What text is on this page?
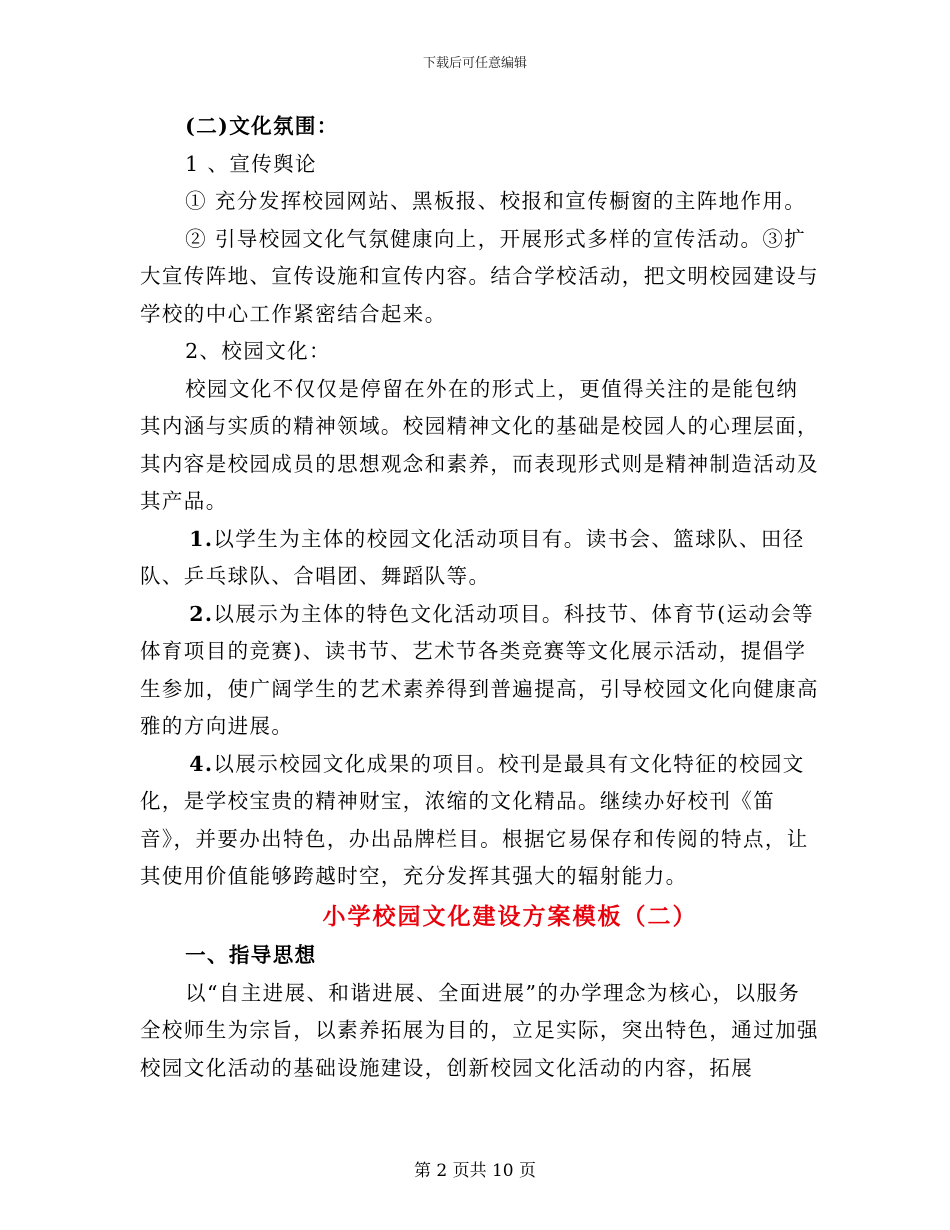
下载后可任意编辑

(二)文化氛围：

1 、宣传舆论

① 充分发挥校园网站、黑板报、校报和宣传橱窗的主阵地作用。

② 引导校园文化气氛健康向上，开展形式多样的宣传活动。③扩大宣传阵地、宣传设施和宣传内容。结合学校活动，把文明校园建设与学校的中心工作紧密结合起来。

2、校园文化：

校园文化不仅仅是停留在外在的形式上，更值得关注的是能包纳其内涵与实质的精神领域。校园精神文化的基础是校园人的心理层面，其内容是校园成员的思想观念和素养，而表现形式则是精神制造活动及其产品。

1.以学生为主体的校园文化活动项目有。读书会、篮球队、田径队、乒乓球队、合唱团、舞蹈队等。

2.以展示为主体的特色文化活动项目。科技节、体育节(运动会等体育项目的竞赛)、读书节、艺术节各类竞赛等文化展示活动，提倡学生参加，使广阔学生的艺术素养得到普遍提高，引导校园文化向健康高雅的方向进展。

4.以展示校园文化成果的项目。校刊是最具有文化特征的校园文化，是学校宝贵的精神财宝，浓缩的文化精品。继续办好校刊《笛音》，并要办出特色，办出品牌栏目。根据它易保存和传阅的特点，让其使用价值能够跨越时空，充分发挥其强大的辐射能力。

小学校园文化建设方案模板（二）

一、指导思想

以“自主进展、和谐进展、全面进展”的办学理念为核心，以服务全校师生为宗旨，以素养拓展为目的，立足实际，突出特色，通过加强校园文化活动的基础设施建设，创新校园文化活动的内容，拓展

第 2 页共 10 页
